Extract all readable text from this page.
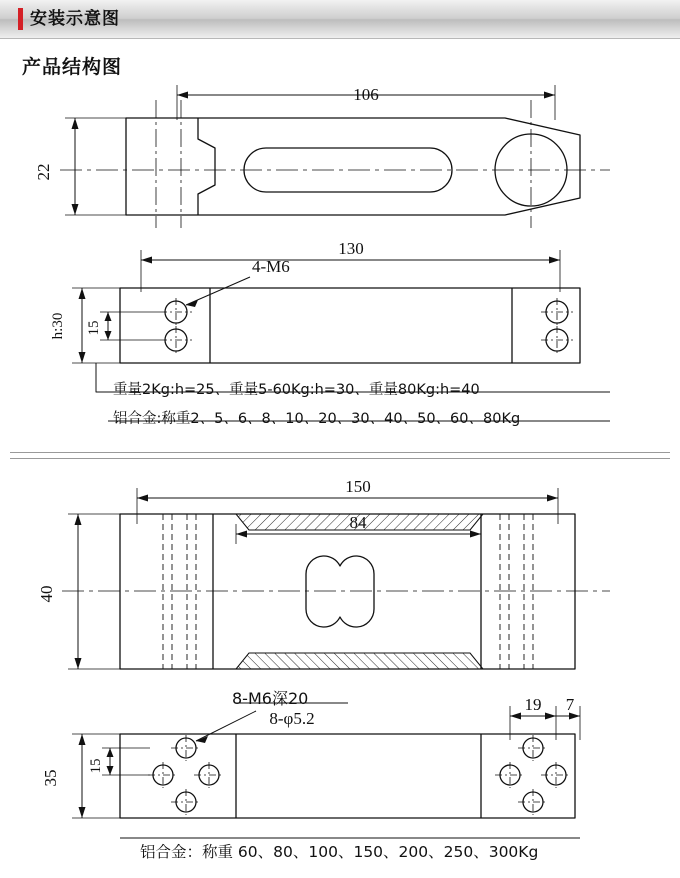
安装示意图
产品结构图
106
22
130
h:30 15
4-M6
重量2Kg:h=25、重量5-60Kg:h=30、重量80Kg:h=40
铝合金:称重2、5、6、8、10、20、30、40、50、60、80Kg
150
84
40
35
15
19 7
8-φ5.2
8-M6深20
铝合金：称重 60、80、100、150、200、250、300Kg
